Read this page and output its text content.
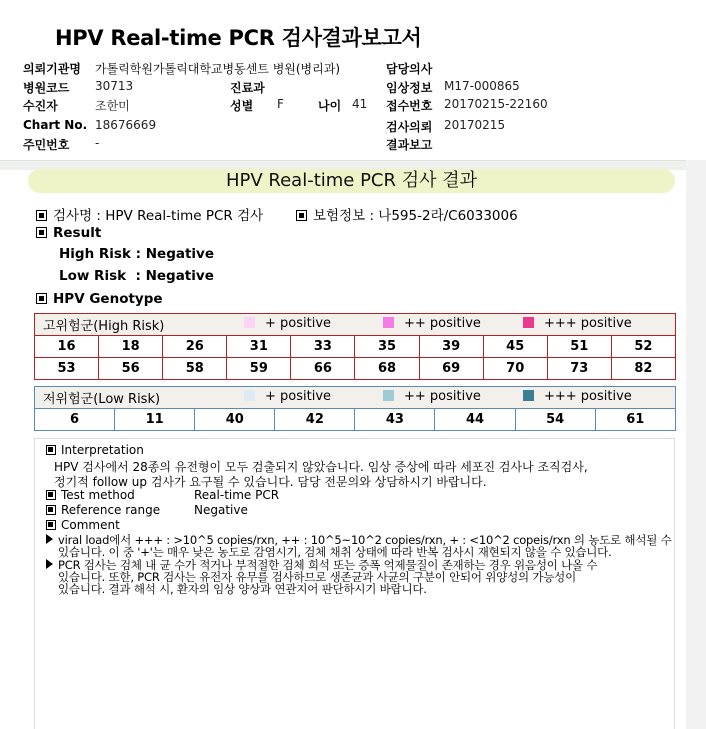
HPV Real-time PCR 검사결과보고서
의뢰기관명 가톨릭학원가톨릭대학교병동센트 병원(병리과)	담당의사
병원코드 30713	진료과	임상정보 M17-000865
수진자	조한미	성별 F	나이 41 접수번호 20170215-22160
Chart No. 18676669	검사의뢰 20170215
주민번호 -	결과보고
HPV Real-time PCR 검사 결과
검사명 : HPV Real-time PCR 검사	보험정보 : 나595-2라/C6033006
Result
High Risk : Negative
Low Risk  : Negative
HPV Genotype
고위험군(High Risk)									
16	18	26	31	33	35	39	45	51	52
53	56	58	59	66	68	69	70	73	82
+ positive	++ positive	+++ positive
저위험군(Low Risk)
6	11	40	42	43	44	54	61
+ positive	++ positive	+++ positive
Interpretation
HPV 검사에서 28종의 유전형이 모두 검출되지 않았습니다. 임상 증상에 따라 세포진 검사나 조직검사,
정기적 follow up 검사가 요구될 수 있습니다. 담당 전문의와 상담하시기 바랍니다.
Test method	Real-time PCR
Reference range	Negative
Comment
viral load에서 +++ : >10^5 copies/rxn, ++ : 10^5~10^2 copies/rxn, + : <10^2 copeis/rxn 의 농도로 해석될 수
있습니다. 이 중 '+'는 매우 낮은 농도로 감염시기, 검체 채취 상태에 따라 반복 검사시 재현되지 않을 수 있습니다.
PCR 검사는 검체 내 균 수가 적거나 부적절한 검체 희석 또는 증폭 억제물질이 존재하는 경우 위음성이 나올 수
있습니다. 또한, PCR 검사는 유전자 유무를 검사하므로 생존균과 사균의 구분이 안되어 위양성의 가능성이
있습니다. 결과 해석 시, 환자의 임상 양상과 연관지어 판단하시기 바랍니다.
